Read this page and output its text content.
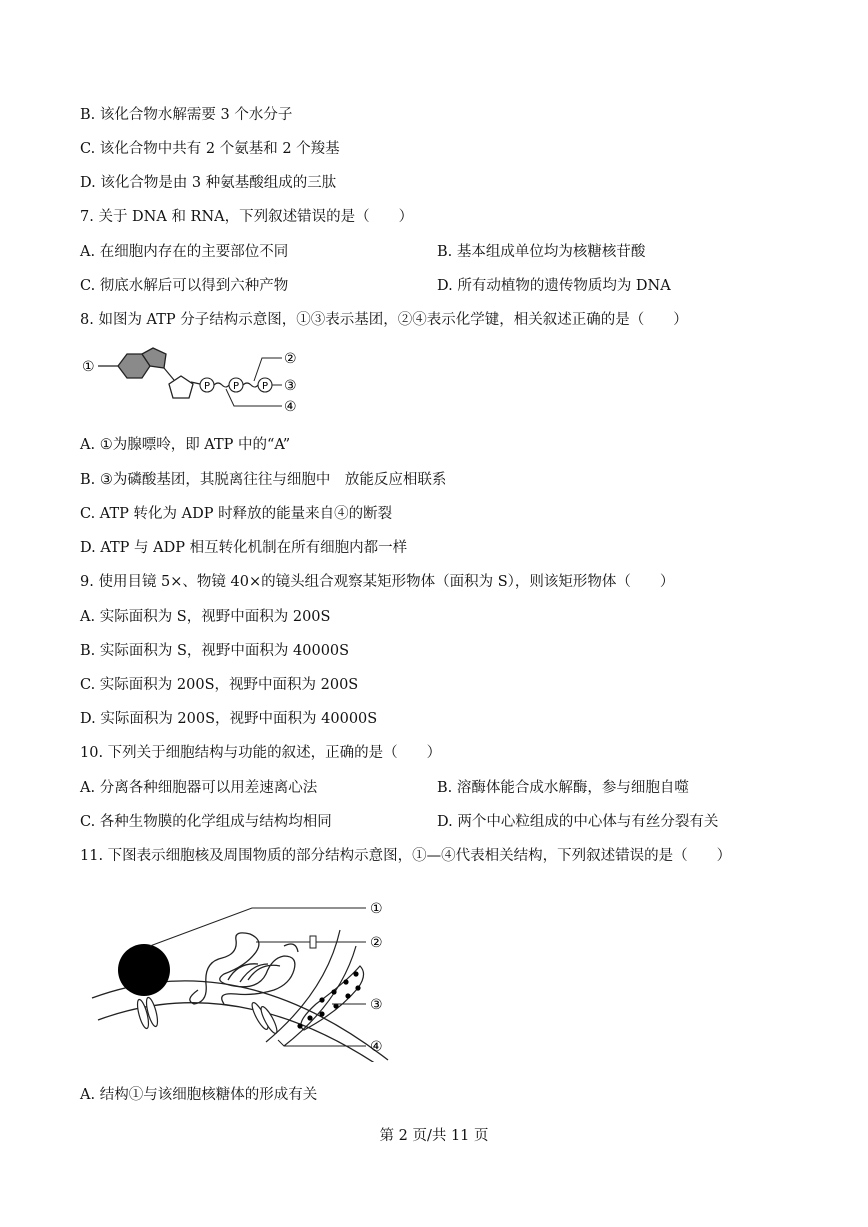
B. 该化合物水解需要 3 个水分子
C. 该化合物中共有 2 个氨基和 2 个羧基
D. 该化合物是由 3 种氨基酸组成的三肽
7. 关于 DNA 和 RNA，下列叙述错误的是（　　）
A. 在细胞内存在的主要部位不同	B. 基本组成单位均为核糖核苷酸
C. 彻底水解后可以得到六种产物	D. 所有动植物的遗传物质均为 DNA
8. 如图为 ATP 分子结构示意图，①③表示基团，②④表示化学键，相关叙述正确的是（　　）
①
P P P
②
③
④
A. ①为腺嘌呤，即 ATP 中的“A”
B. ③为磷酸基团，其脱离往往与细胞中　放能反应相联系
C. ATP 转化为 ADP 时释放的能量来自④的断裂
D. ATP 与 ADP 相互转化机制在所有细胞内都一样
9. 使用目镜 5×、物镜 40×的镜头组合观察某矩形物体（面积为 S），则该矩形物体（　　）
A. 实际面积为 S，视野中面积为 200S
B. 实际面积为 S，视野中面积为 40000S
C. 实际面积为 200S，视野中面积为 200S
D. 实际面积为 200S，视野中面积为 40000S
10. 下列关于细胞结构与功能的叙述，正确的是（　　）
A. 分离各种细胞器可以用差速离心法	B. 溶酶体能合成水解酶，参与细胞自噬
C. 各种生物膜的化学组成与结构均相同	D. 两个中心粒组成的中心体与有丝分裂有关
11. 下图表示细胞核及周围物质的部分结构示意图，①—④代表相关结构，下列叙述错误的是（　　）
①
②
③
④
A. 结构①与该细胞核糖体的形成有关
第 2 页/共 11 页
